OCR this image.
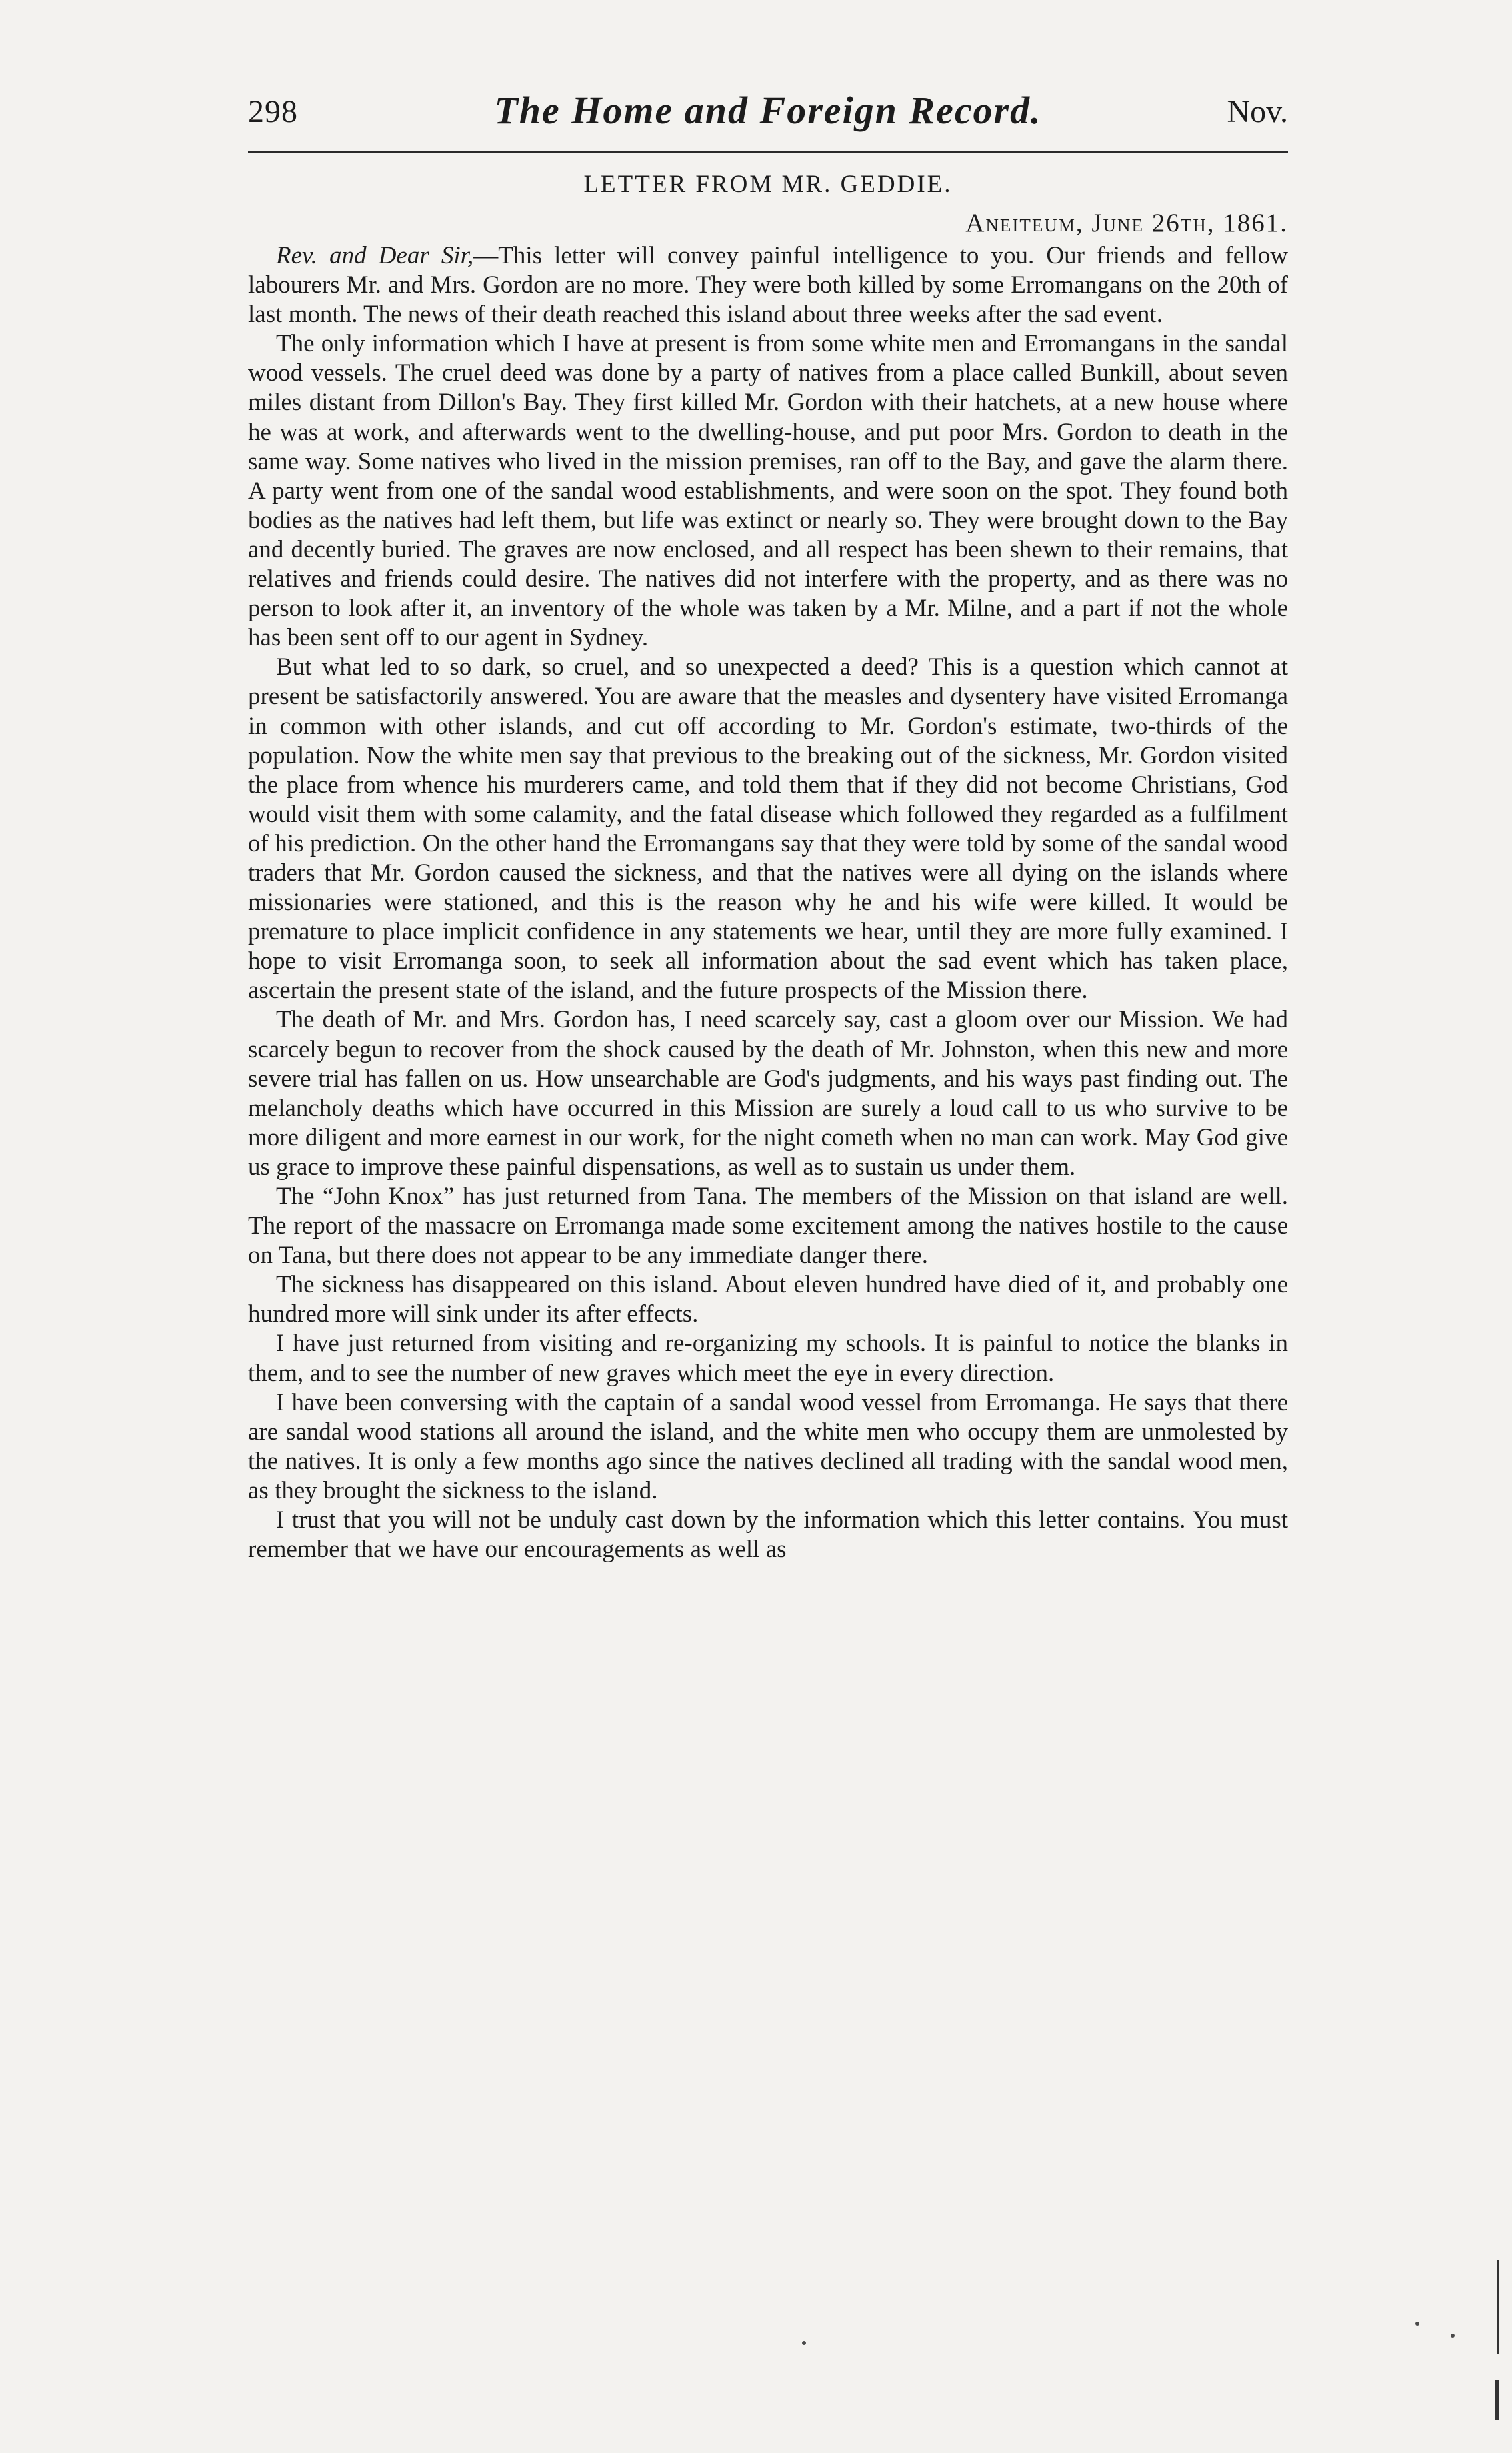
298	The Home and Foreign Record.	Nov.
LETTER FROM MR. GEDDIE.
Aneiteum, June 26th, 1861.

Rev. and Dear Sir,—This letter will convey painful intelligence to you. Our friends and fellow labourers Mr. and Mrs. Gordon are no more. They were both killed by some Erromangans on the 20th of last month. The news of their death reached this island about three weeks after the sad event.

The only information which I have at present is from some white men and Erromangans in the sandal wood vessels. The cruel deed was done by a party of natives from a place called Bunkill, about seven miles distant from Dillon's Bay. They first killed Mr. Gordon with their hatchets, at a new house where he was at work, and afterwards went to the dwelling-house, and put poor Mrs. Gordon to death in the same way. Some natives who lived in the mission premises, ran off to the Bay, and gave the alarm there. A party went from one of the sandal wood establishments, and were soon on the spot. They found both bodies as the natives had left them, but life was extinct or nearly so. They were brought down to the Bay and decently buried. The graves are now enclosed, and all respect has been shewn to their remains, that relatives and friends could desire. The natives did not interfere with the property, and as there was no person to look after it, an inventory of the whole was taken by a Mr. Milne, and a part if not the whole has been sent off to our agent in Sydney.

But what led to so dark, so cruel, and so unexpected a deed? This is a question which cannot at present be satisfactorily answered. You are aware that the measles and dysentery have visited Erromanga in common with other islands, and cut off according to Mr. Gordon's estimate, two-thirds of the population. Now the white men say that previous to the breaking out of the sickness, Mr. Gordon visited the place from whence his murderers came, and told them that if they did not become Christians, God would visit them with some calamity, and the fatal disease which followed they regarded as a fulfilment of his prediction. On the other hand the Erromangans say that they were told by some of the sandal wood traders that Mr. Gordon caused the sickness, and that the natives were all dying on the islands where missionaries were stationed, and this is the reason why he and his wife were killed. It would be premature to place implicit confidence in any statements we hear, until they are more fully examined. I hope to visit Erromanga soon, to seek all information about the sad event which has taken place, ascertain the present state of the island, and the future prospects of the Mission there.

The death of Mr. and Mrs. Gordon has, I need scarcely say, cast a gloom over our Mission. We had scarcely begun to recover from the shock caused by the death of Mr. Johnston, when this new and more severe trial has fallen on us. How unsearchable are God's judgments, and his ways past finding out. The melancholy deaths which have occurred in this Mission are surely a loud call to us who survive to be more diligent and more earnest in our work, for the night cometh when no man can work. May God give us grace to improve these painful dispensations, as well as to sustain us under them.

The “John Knox” has just returned from Tana. The members of the Mission on that island are well. The report of the massacre on Erromanga made some excitement among the natives hostile to the cause on Tana, but there does not appear to be any immediate danger there.

The sickness has disappeared on this island. About eleven hundred have died of it, and probably one hundred more will sink under its after effects.

I have just returned from visiting and re-organizing my schools. It is painful to notice the blanks in them, and to see the number of new graves which meet the eye in every direction.

I have been conversing with the captain of a sandal wood vessel from Erromanga. He says that there are sandal wood stations all around the island, and the white men who occupy them are unmolested by the natives. It is only a few months ago since the natives declined all trading with the sandal wood men, as they brought the sickness to the island.

I trust that you will not be unduly cast down by the information which this letter contains. You must remember that we have our encouragements as well as
